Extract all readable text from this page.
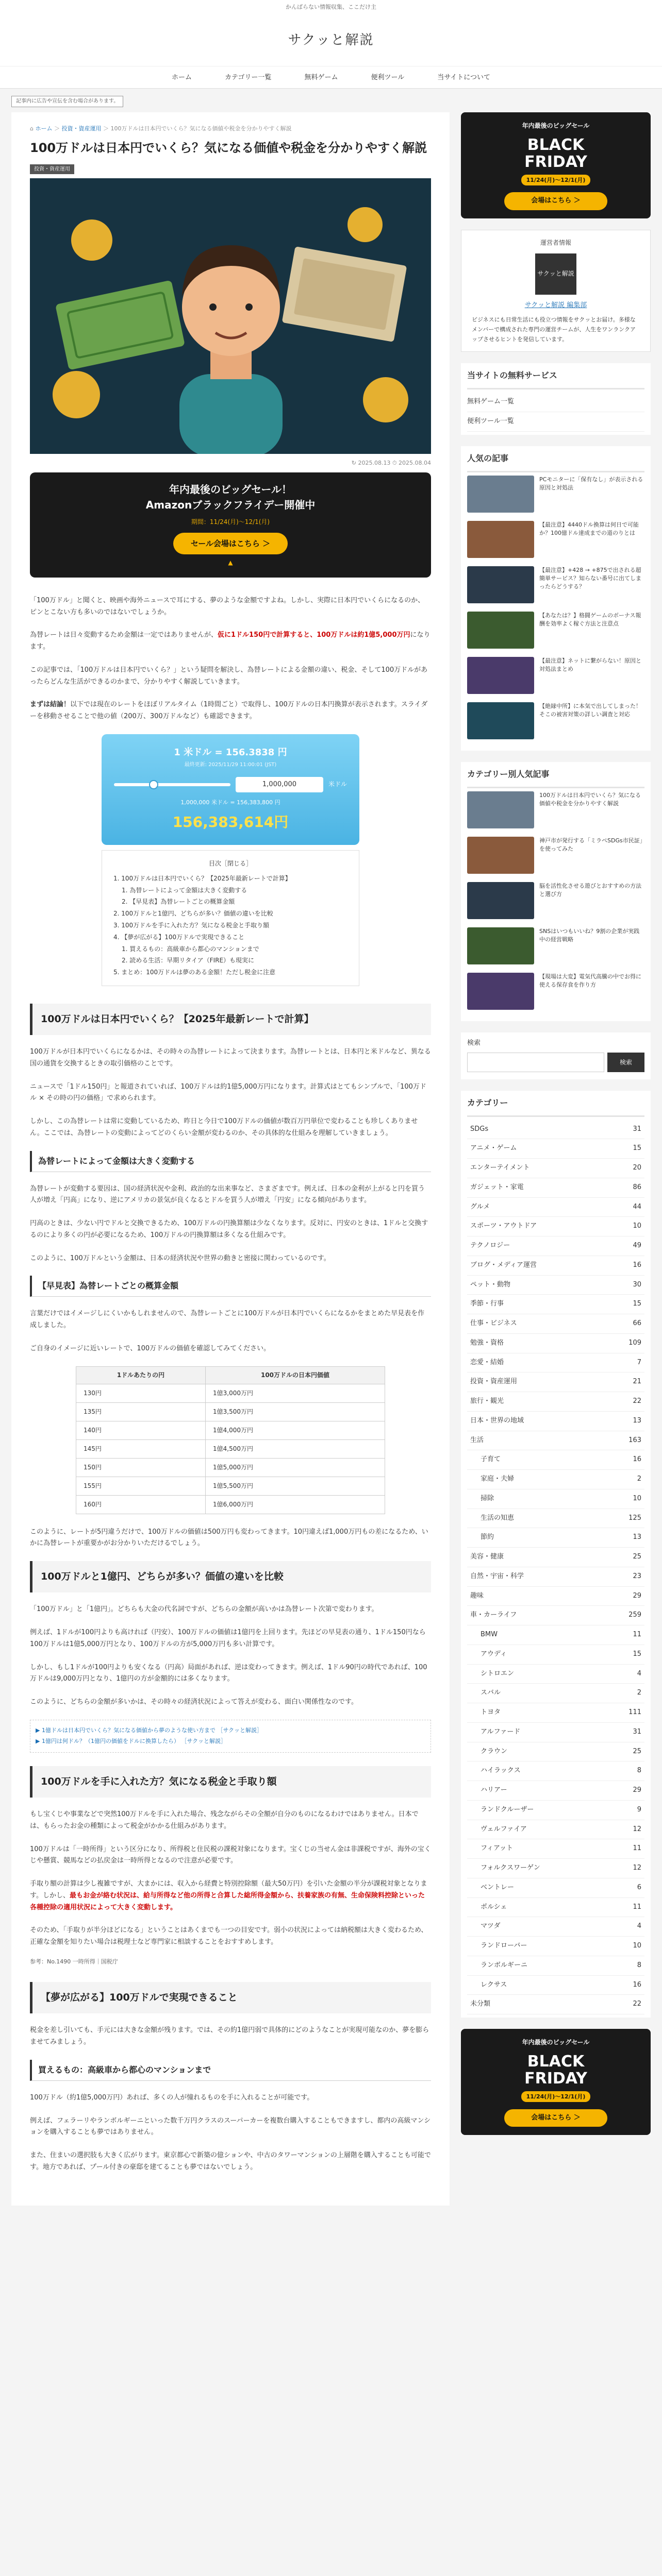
かんばらない情報収集、ここだけ主
サクッと解説
ホーム	カテゴリー一覧	無料ゲーム	便利ツール	当サイトについて
記事内に広告や宣伝を含む場合があります。
⌂ ホーム ＞ 投資・資産運用 ＞ 100万ドルは日本円でいくら？気になる価値や税金を分かりやすく解説
100万ドルは日本円でいくら？気になる価値や税金を分かりやすく解説
投資・資産運用
↻ 2025.08.13 ⏱ 2025.08.04
年内最後のビッグセール！
Amazonブラックフライデー開催中
期間：11/24(月)〜12/1(月)
セール会場はこちら ＞
▲

「100万ドル」と聞くと、映画や海外ニュースで耳にする、夢のような金額ですよね。しかし、実際に日本円でいくらになるのか、ピンとこない方も多いのではないでしょうか。

為替レートは日々変動するため金額は一定ではありませんが、仮に1ドル150円で計算すると、100万ドルは約1億5,000万円になります。

この記事では、「100万ドルは日本円でいくら？」という疑問を解決し、為替レートによる金額の違い、税金、そして100万ドルがあったらどんな生活ができるのかまで、分かりやすく解説していきます。

まずは結論！以下では現在のレートをほぼリアルタイム（1時間ごと）で取得し、100万ドルの日本円換算が表示されます。スライダーを移動させることで他の値（200万、300万ドルなど）も確認できます。

1 米ドル = 156.3838 円
最終更新: 2025/11/29 11:00:01 (JST)
1,000,000	米ドル
1,000,000 米ドル = 156,383,800 円
156,383,614円
目次［閉じる］
1. 100万ドルは日本円でいくら？【2025年最新レートで計算】
1. 為替レートによって金額は大きく変動する
2. 【早見表】為替レートごとの概算金額
2. 100万ドルと1億円、どちらが多い？価値の違いを比較
3. 100万ドルを手に入れた方？気になる税金と手取り額
4. 【夢が広がる】100万ドルで実現できること
1. 買えるもの：高級車から都心のマンションまで
2. 読める生活：早期リタイア（FIRE）も現実に
5. まとめ：100万ドルは夢のある金額！ただし税金に注意
100万ドルは日本円でいくら？【2025年最新レートで計算】

100万ドルが日本円でいくらになるかは、その時々の為替レートによって決まります。為替レートとは、日本円と米ドルなど、異なる国の通貨を交換するときの取引価格のことです。

ニュースで「1ドル150円」と報道されていれば、100万ドルは約1億5,000万円になります。計算式はとてもシンプルで、「100万ドル × その時の円の価格」で求められます。

しかし、この為替レートは常に変動しているため、昨日と今日で100万ドルの価値が数百万円単位で変わることも珍しくありません。ここでは、為替レートの変動によってどのくらい金額が変わるのか、その具体的な仕組みを理解していきましょう。

為替レートによって金額は大きく変動する

為替レートが変動する要因は、国の経済状況や金利、政治的な出来事など、さまざまです。例えば、日本の金利が上がると円を買う人が増え「円高」になり、逆にアメリカの景気が良くなるとドルを買う人が増え「円安」になる傾向があります。

円高のときは、少ない円でドルと交換できるため、100万ドルの円換算額は少なくなります。反対に、円安のときは、1ドルと交換するのにより多くの円が必要になるため、100万ドルの円換算額は多くなる仕組みです。

このように、100万ドルという金額は、日本の経済状況や世界の動きと密接に関わっているのです。

【早見表】為替レートごとの概算金額

言葉だけではイメージしにくいかもしれませんので、為替レートごとに100万ドルが日本円でいくらになるかをまとめた早見表を作成しました。

ご自身のイメージに近いレートで、100万ドルの価値を確認してみてください。

1ドルあたりの円	100万ドルの日本円価値
130円	1億3,000万円
135円	1億3,500万円
140円	1億4,000万円
145円	1億4,500万円
150円	1億5,000万円
155円	1億5,500万円
160円	1億6,000万円

このように、レートが5円違うだけで、100万ドルの価値は500万円も変わってきます。10円違えば1,000万円もの差になるため、いかに為替レートが重要かがお分かりいただけるでしょう。

100万ドルと1億円、どちらが多い？価値の違いを比較

「100万ドル」と「1億円」。どちらも大金の代名詞ですが、どちらの金額が高いかは為替レート次第で変わります。

例えば、1ドルが100円よりも高ければ（円安）、100万ドルの価値は1億円を上回ります。先ほどの早見表の通り、1ドル150円なら100万ドルは1億5,000万円となり、100万ドルの方が5,000万円も多い計算です。

しかし、もし1ドルが100円よりも安くなる（円高）局面があれば、逆は変わってきます。例えば、1ドル90円の時代であれば、100万ドルは9,000万円となり、1億円の方が金額的には多くなります。

このように、どちらの金額が多いかは、その時々の経済状況によって答えが変わる、面白い関係性なのです。

▶ 1億ドルは日本円でいくら？気になる価値から夢のような使い方まで ［サクッと解説］
▶ 1億円は何ドル？（1億円の価値をドルに換算したら） ［サクッと解説］
100万ドルを手に入れた方？気になる税金と手取り額

もし宝くじや事業などで突然100万ドルを手に入れた場合、残念ながらその全額が自分のものになるわけではありません。日本では、もらったお金の種類によって税金がかかる仕組みがあります。

100万ドルは「一時所得」という区分になり、所得税と住民税の課税対象になります。宝くじの当せん金は非課税ですが、海外の宝くじや懸賞、競馬などの払戻金は一時所得となるので注意が必要です。

手取り額の計算は少し複雑ですが、大まかには、収入から経費と特別控除額（最大50万円）を引いた金額の半分が課税対象となります。しかし、最もお金が絡む状況は、給与所得など他の所得と合算した総所得金額から、扶養家族の有無、生命保険料控除といった各種控除の適用状況によって大きく変動します。

そのため、「手取りが半分ほどになる」ということはあくまでも一つの目安です。弱小の状況によっては納税額は大きく変わるため、正確な金額を知りたい場合は税理士など専門家に相談することをおすすめします。

参考：No.1490 一時所得｜国税庁
【夢が広がる】100万ドルで実現できること

税金を差し引いても、手元には大きな金額が残ります。では、その約1億円弱で具体的にどのようなことが実現可能なのか、夢を膨らませてみましょう。

買えるもの：高級車から都心のマンションまで

100万ドル（約1億5,000万円）あれば、多くの人が憧れるものを手に入れることが可能です。

例えば、フェラーリやランボルギーニといった数千万円クラスのスーパーカーを複数台購入することもできますし、都内の高級マンションを購入することも夢ではありません。

また、住まいの選択肢も大きく広がります。東京都心で新築の億ションや、中古のタワーマンションの上層階を購入することも可能です。地方であれば、プール付きの豪邸を建てることも夢ではないでしょう。

年内最後のビッグセール
BLACK
FRIDAY
11/24(月)〜12/1(月)
会場はこちら ＞
運営者情報
サクッと解説
サクッと解説 編集部
ビジネスにも日常生活にも役立つ情報をサクッとお届け。多様なメンバーで構成された専門の運営チームが、人生をワンランクアップさせるヒントを発信しています。
当サイトの無料サービス
無料ゲーム一覧
便利ツール一覧
人気の記事
PCモニターに「保有なし」が表示される原因と対処法
【最注意】4440ドル換算は何日で可能か？100億ドル達成までの道のりとは
【最注意】+428 → +875で出される超簡単サービス？知らない番号に出てしまったらどうする？
【あなたは？】格闘ゲームのボーナス報酬を効率よく稼ぐ方法と注意点
【最注意】ネットに繋がらない！原因と対処法まとめ
【絶縁中所】に本気で出してしまった！そこの被害対策の詳しい調査と対応
カテゴリー別人気記事
100万ドルは日本円でいくら？気になる価値や税金を分かりやすく解説
神戸市が発行する「ミラペSDGs市民証」を使ってみた
脳を活性化させる遊びとおすすめの方法と選び方
SNSはいつもいいね？9割の企業が実践中の経営戦略
【現場は大変】電気代高騰の中でお得に使える保存食を作り方
検索
検索
カテゴリー
SDGs	31
アニメ・ゲーム	15
エンターテイメント	20
ガジェット・家電	86
グルメ	44
スポーツ・アウトドア	10
テクノロジー	49
ブログ・メディア運営	16
ペット・動物	30
季節・行事	15
仕事・ビジネス	66
勉強・資格	109
恋愛・結婚	7
投資・資産運用	21
旅行・観光	22
日本・世界の地域	13
生活	163
子育て	16
家庭・夫婦	2
掃除	10
生活の知恵	125
節約	13
美容・健康	25
自然・宇宙・科学	23
趣味	29
車・カーライフ	259
BMW	11
アウディ	15
シトロエン	4
スバル	2
トヨタ	111
アルファード	31
クラウン	25
ハイラックス	8
ハリアー	29
ランドクルーザー	9
ヴェルファイア	12
フィアット	11
フォルクスワーゲン	12
ベントレー	6
ポルシェ	11
マツダ	4
ランドローバー	10
ランボルギーニ	8
レクサス	16
未分類	22
年内最後のビッグセール
BLACK
FRIDAY
11/24(月)〜12/1(月)
会場はこちら ＞
